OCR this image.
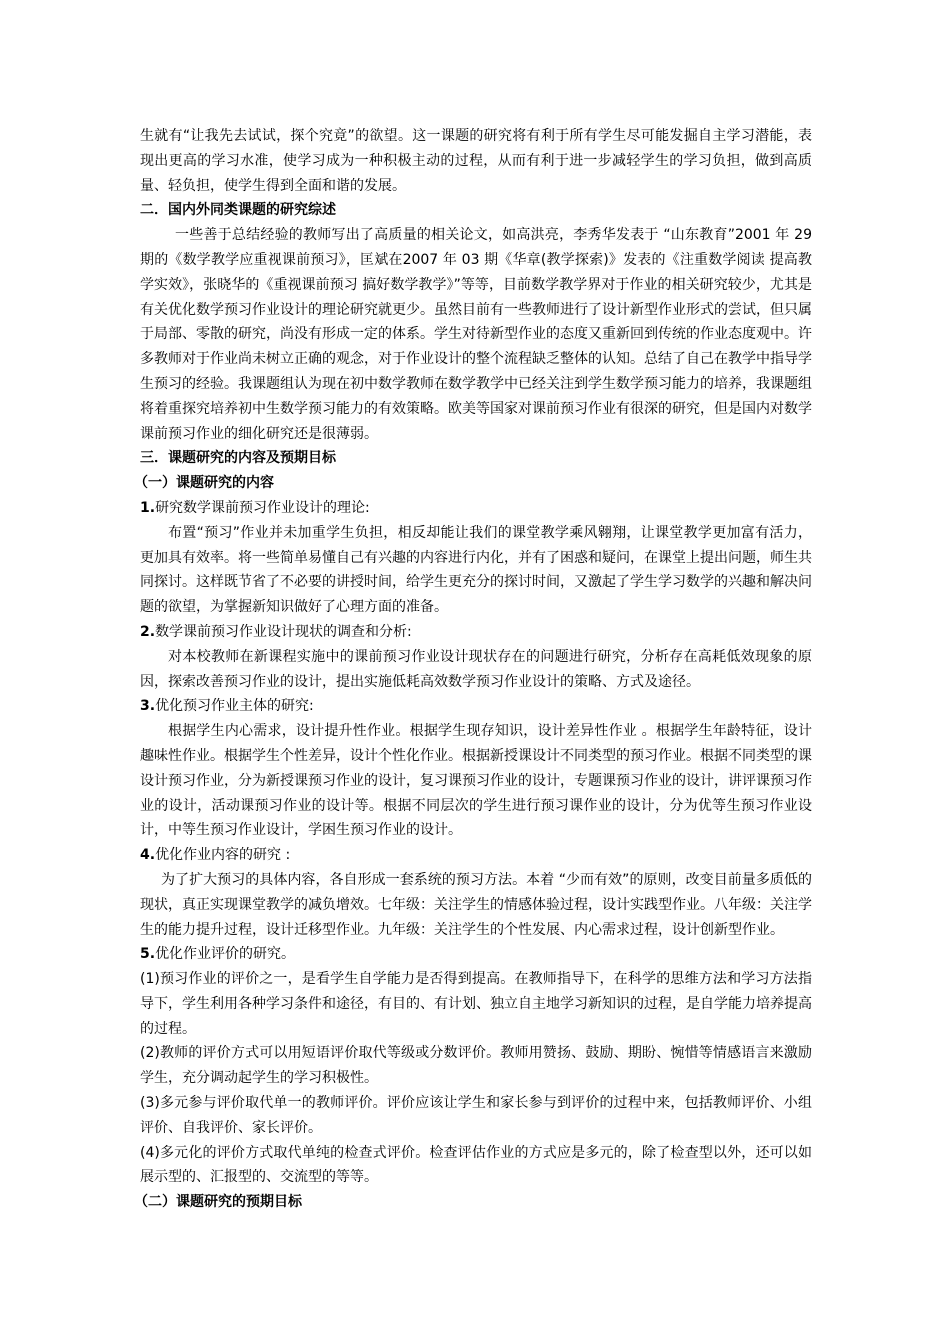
生就有“让我先去试试，探个究竟”的欲望。这一课题的研究将有利于所有学生尽可能发掘自主学习潜能，表现出更高的学习水准，使学习成为一种积极主动的过程，从而有利于进一步减轻学生的学习负担，做到高质量、轻负担，使学生得到全面和谐的发展。

二．国内外同类课题的研究综述

一些善于总结经验的教师写出了高质量的相关论文，如高洪亮，李秀华发表于 “山东教育”2001 年 29 期的《数学教学应重视课前预习》，匡斌在2007 年 03 期《华章(教学探索)》发表的《注重数学阅读 提高教学实效》，张晓华的《重视课前预习 搞好数学教学》”等等，目前数学教学界对于作业的相关研究较少，尤其是有关优化数学预习作业设计的理论研究就更少。虽然目前有一些教师进行了设计新型作业形式的尝试，但只属于局部、零散的研究，尚没有形成一定的体系。学生对待新型作业的态度又重新回到传统的作业态度观中。许多教师对于作业尚未树立正确的观念，对于作业设计的整个流程缺乏整体的认知。总结了自己在教学中指导学生预习的经验。我课题组认为现在初中数学教师在数学教学中已经关注到学生数学预习能力的培养，我课题组将着重探究培养初中生数学预习能力的有效策略。欧美等国家对课前预习作业有很深的研究，但是国内对数学课前预习作业的细化研究还是很薄弱。

三．课题研究的内容及预期目标

（一）课题研究的内容

1.研究数学课前预习作业设计的理论:

布置“预习”作业并未加重学生负担，相反却能让我们的课堂教学乘风翱翔，让课堂教学更加富有活力，更加具有效率。将一些简单易懂自己有兴趣的内容进行内化，并有了困惑和疑问，在课堂上提出问题，师生共同探讨。这样既节省了不必要的讲授时间，给学生更充分的探讨时间，又激起了学生学习数学的兴趣和解决问题的欲望，为掌握新知识做好了心理方面的准备。

2.数学课前预习作业设计现状的调查和分析:

对本校教师在新课程实施中的课前预习作业设计现状存在的问题进行研究，分析存在高耗低效现象的原因，探索改善预习作业的设计，提出实施低耗高效数学预习作业设计的策略、方式及途径。

3.优化预习作业主体的研究:

根据学生内心需求，设计提升性作业。根据学生现存知识，设计差异性作业 。根据学生年龄特征，设计趣味性作业。根据学生个性差异，设计个性化作业。根据新授课设计不同类型的预习作业。根据不同类型的课设计预习作业，分为新授课预习作业的设计，复习课预习作业的设计，专题课预习作业的设计，讲评课预习作业的设计，活动课预习作业的设计等。根据不同层次的学生进行预习课作业的设计，分为优等生预习作业设计，中等生预习作业设计，学困生预习作业的设计。

4.优化作业内容的研究 :

为了扩大预习的具体内容，各自形成一套系统的预习方法。本着 “少而有效”的原则，改变目前量多质低的现状，真正实现课堂教学的减负增效。七年级：关注学生的情感体验过程，设计实践型作业。八年级：关注学生的能力提升过程，设计迁移型作业。九年级：关注学生的个性发展、内心需求过程，设计创新型作业。

5.优化作业评价的研究。

(1)预习作业的评价之一，是看学生自学能力是否得到提高。在教师指导下，在科学的思维方法和学习方法指导下，学生利用各种学习条件和途径，有目的、有计划、独立自主地学习新知识的过程，是自学能力培养提高的过程。

(2)教师的评价方式可以用短语评价取代等级或分数评价。教师用赞扬、鼓励、期盼、惋惜等情感语言来激励学生，充分调动起学生的学习积极性。

(3)多元参与评价取代单一的教师评价。评价应该让学生和家长参与到评价的过程中来，包括教师评价、小组评价、自我评价、家长评价。

(4)多元化的评价方式取代单纯的检查式评价。检查评估作业的方式应是多元的，除了检查型以外，还可以如展示型的、汇报型的、交流型的等等。

（二）课题研究的预期目标
